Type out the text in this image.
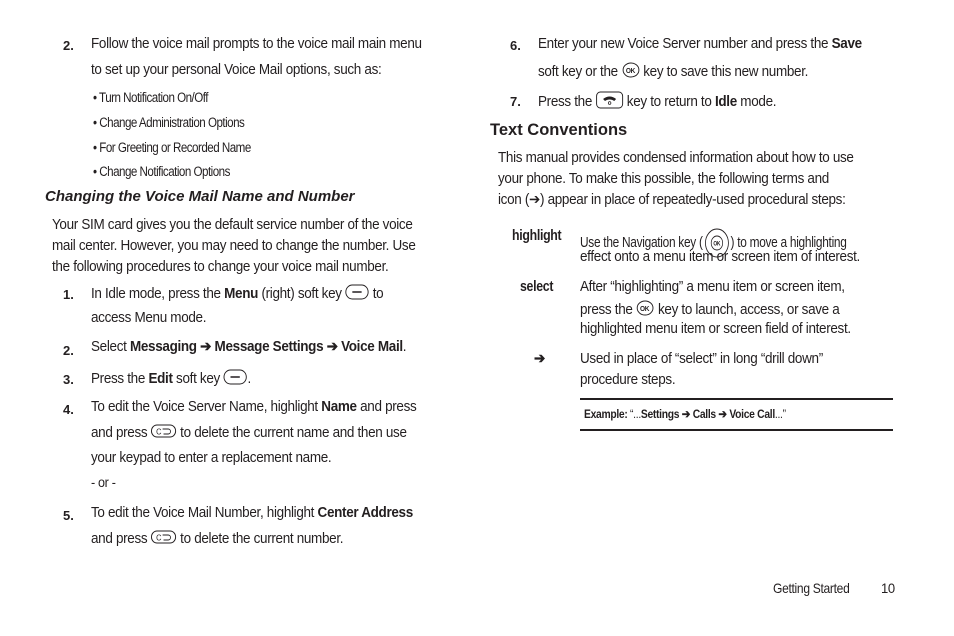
2. Follow the voice mail prompts to the voice mail main menu
to set up your personal Voice Mail options, such as:
• Turn Notification On/Off
• Change Administration Options
• For Greeting or Recorded Name
• Change Notification Options
Changing the Voice Mail Name and Number
Your SIM card gives you the default service number of the voice
mail center. However, you may need to change the number. Use
the following procedures to change your voice mail number.
1. In Idle mode, press the Menu (right) soft key  to
access Menu mode.
2. Select Messaging ➔ Message Settings ➔ Voice Mail.
3. Press the Edit soft key .
4. To edit the Voice Server Name, highlight Name and press
and press C to delete the current name and then use
your keypad to enter a replacement name.
- or -
5. To edit the Voice Mail Number, highlight Center Address
and press C to delete the current number.
6. Enter your new Voice Server number and press the Save
soft key or the OK key to save this new number.
7. Press the  key to return to Idle mode.
Text Conventions
This manual provides condensed information about how to use
your phone. To make this possible, the following terms and
icon (➔) appear in place of repeatedly-used procedural steps:
highlight Use the Navigation key ( OK ) to move a highlighting
effect onto a menu item or screen item of interest.
select After “highlighting” a menu item or screen item,
press the OK key to launch, access, or save a
highlighted menu item or screen field of interest.
➔ Used in place of “select” in long “drill down”
procedure steps.
Example: “...Settings ➔ Calls ➔ Voice Call...”
Getting Started 10
